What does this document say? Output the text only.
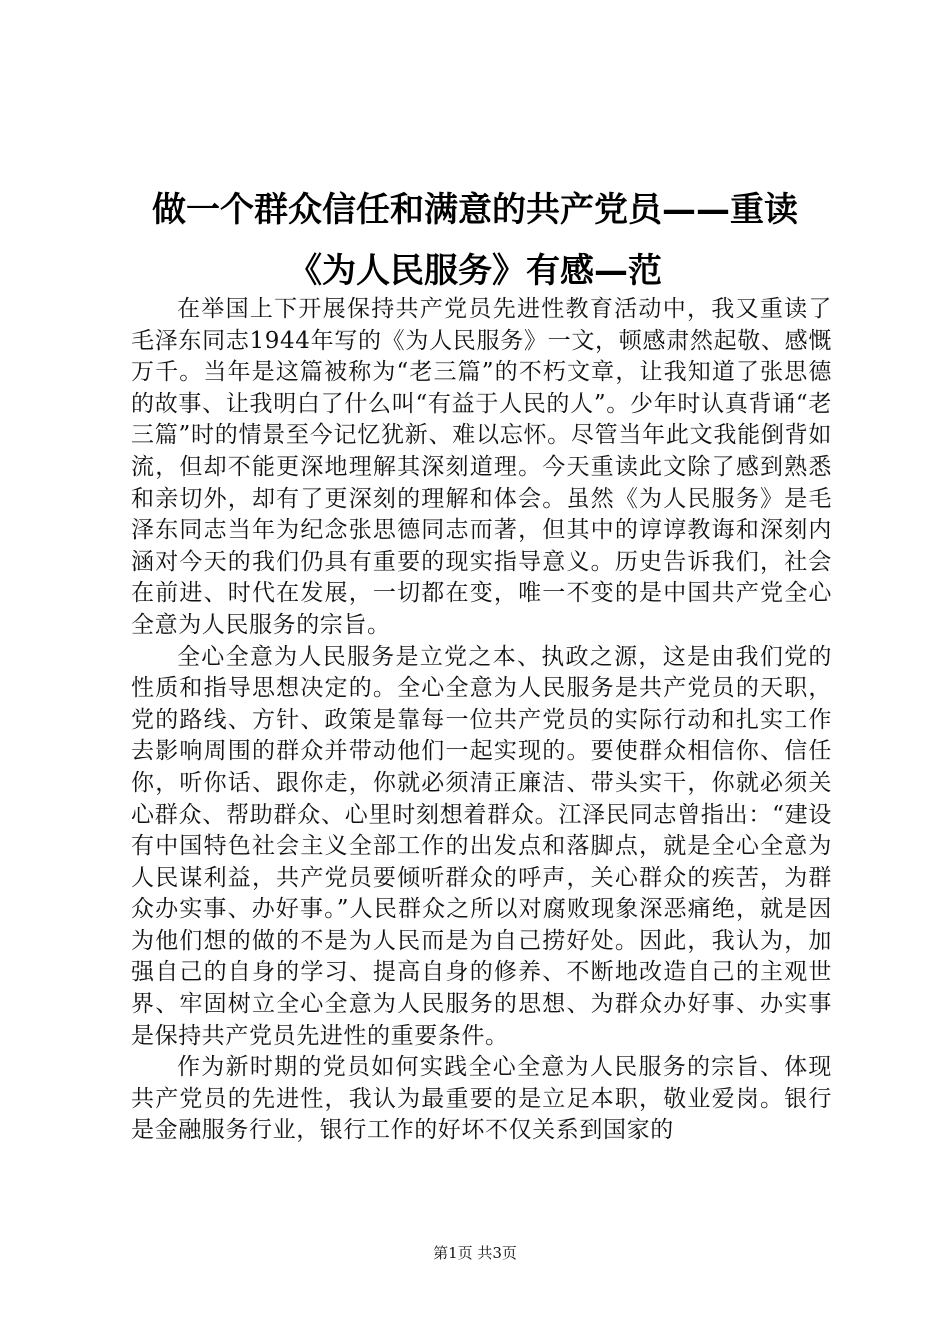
做一个群众信任和满意的共产党员——重读
《为人民服务》有感—范

在举国上下开展保持共产党员先进性教育活动中，我又重读了毛泽东同志1944年写的《为人民服务》一文，顿感肃然起敬、感慨万千。当年是这篇被称为“老三篇”的不朽文章，让我知道了张思德的故事、让我明白了什么叫“有益于人民的人”。少年时认真背诵“老三篇”时的情景至今记忆犹新、难以忘怀。尽管当年此文我能倒背如流，但却不能更深地理解其深刻道理。今天重读此文除了感到熟悉和亲切外，却有了更深刻的理解和体会。虽然《为人民服务》是毛泽东同志当年为纪念张思德同志而著，但其中的谆谆教诲和深刻内涵对今天的我们仍具有重要的现实指导意义。历史告诉我们，社会在前进、时代在发展，一切都在变，唯一不变的是中国共产党全心全意为人民服务的宗旨。

全心全意为人民服务是立党之本、执政之源，这是由我们党的性质和指导思想决定的。全心全意为人民服务是共产党员的天职，党的路线、方针、政策是靠每一位共产党员的实际行动和扎实工作去影响周围的群众并带动他们一起实现的。要使群众相信你、信任你，听你话、跟你走，你就必须清正廉洁、带头实干，你就必须关心群众、帮助群众、心里时刻想着群众。江泽民同志曾指出：“建设有中国特色社会主义全部工作的出发点和落脚点，就是全心全意为人民谋利益，共产党员要倾听群众的呼声，关心群众的疾苦，为群众办实事、办好事。”人民群众之所以对腐败现象深恶痛绝，就是因为他们想的做的不是为人民而是为自己捞好处。因此，我认为，加强自己的自身的学习、提高自身的修养、不断地改造自己的主观世界、牢固树立全心全意为人民服务的思想、为群众办好事、办实事是保持共产党员先进性的重要条件。

作为新时期的党员如何实践全心全意为人民服务的宗旨、体现共产党员的先进性，我认为最重要的是立足本职，敬业爱岗。银行是金融服务行业，银行工作的好坏不仅关系到国家的

第1页 共3页
